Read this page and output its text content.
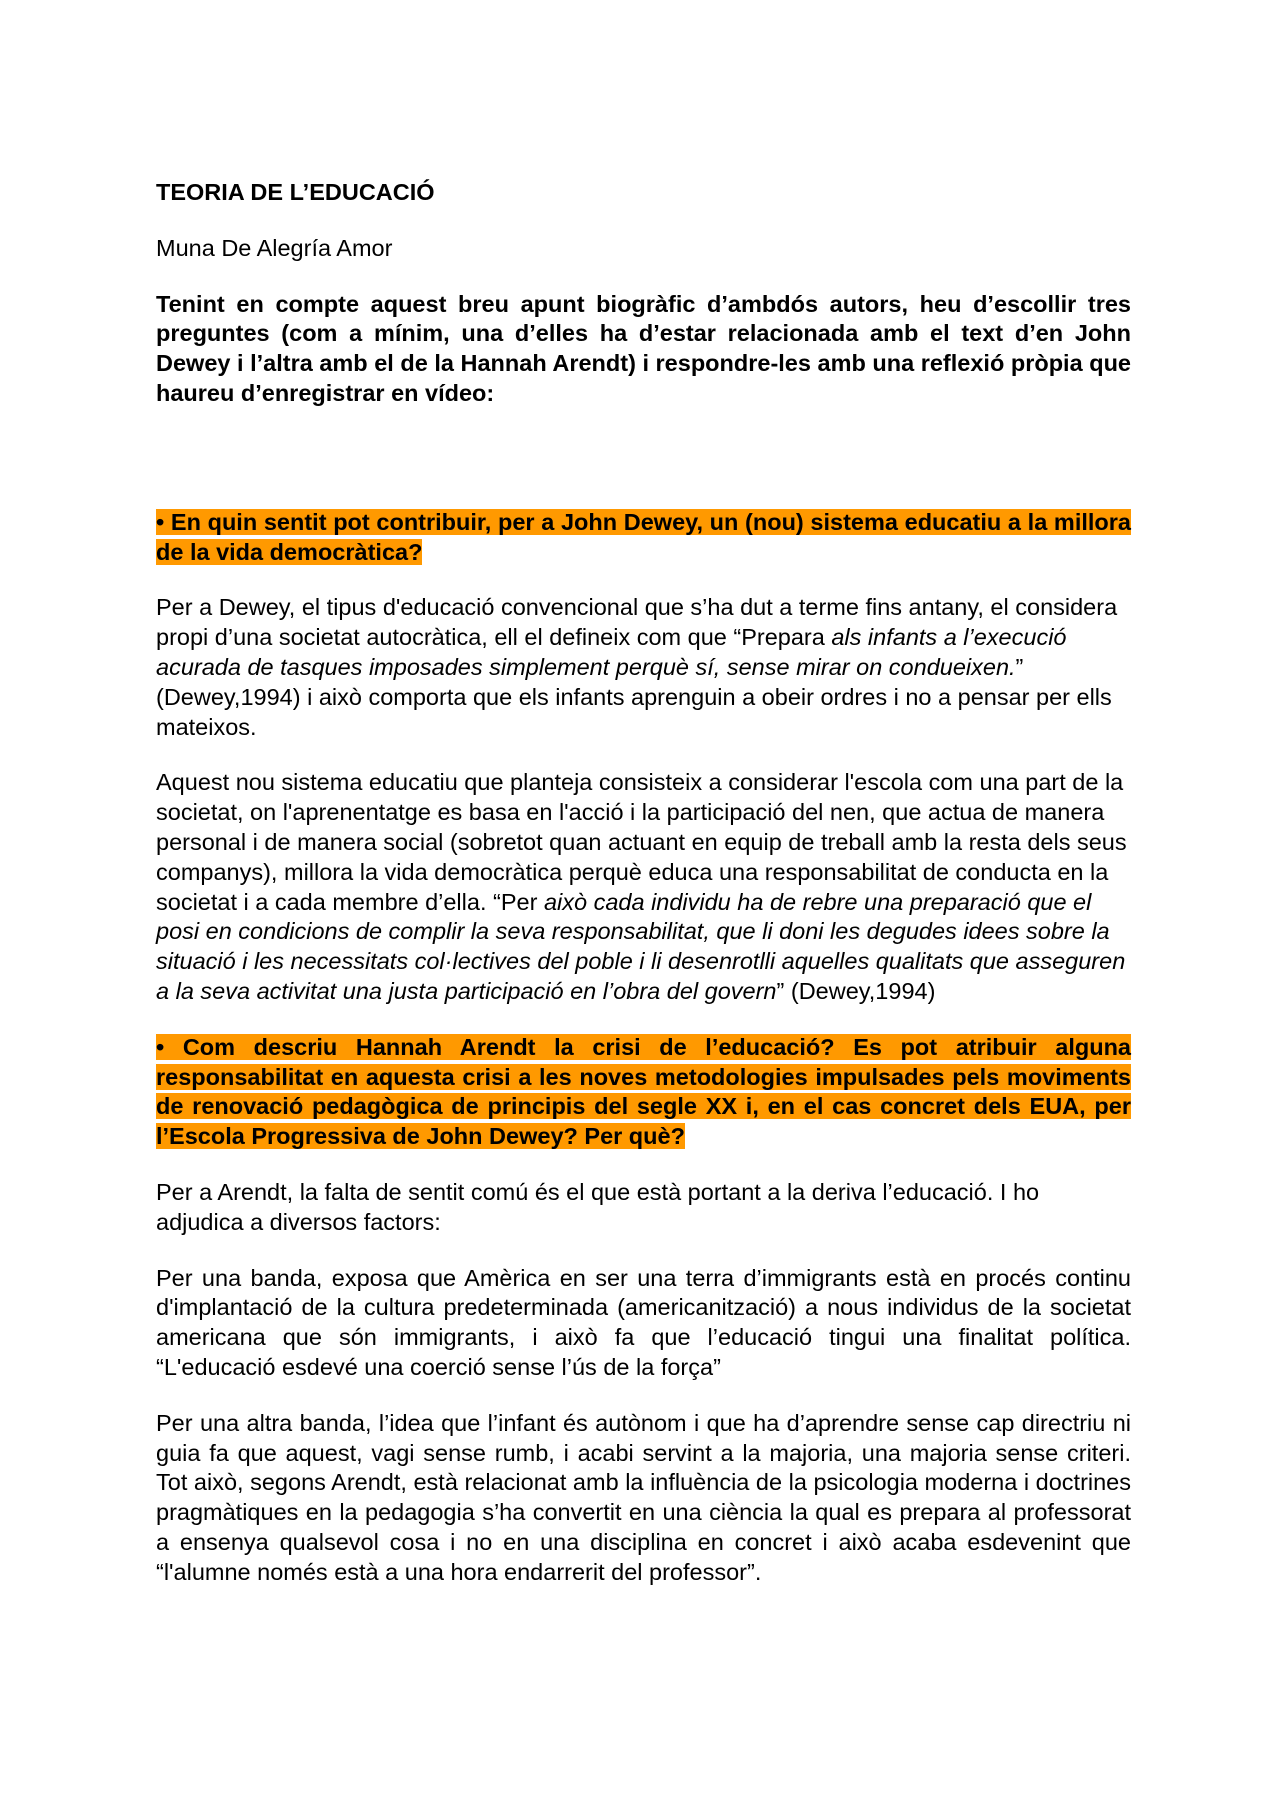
TEORIA DE L’EDUCACIÓ
Muna De Alegría Amor
Tenint en compte aquest breu apunt biogràfic d’ambdós autors, heu d’escollir tres preguntes (com a mínim, una d’elles ha d’estar relacionada amb el text d’en John Dewey i l’altra amb el de la Hannah Arendt) i respondre-les amb una reflexió pròpia que haureu d’enregistrar en vídeo:
• En quin sentit pot contribuir, per a John Dewey, un (nou) sistema educatiu a la millora de la vida democràtica?
Per a Dewey, el tipus d'educació convencional que s’ha dut a terme fins antany, el considera propi d’una societat autocràtica, ell el defineix com que “Prepara als infants a l’execució acurada de tasques imposades simplement perquè sí, sense mirar on condueixen.” (Dewey,1994) i això comporta que els infants aprenguin a obeir ordres i no a pensar per ells mateixos.
Aquest nou sistema educatiu que planteja consisteix a considerar l'escola com una part de la societat, on l'aprenentatge es basa en l'acció i la participació del nen, que actua de manera personal i de manera social (sobretot quan actuant en equip de treball amb la resta dels seus companys), millora la vida democràtica perquè educa una responsabilitat de conducta en la societat i a cada membre d’ella. “Per això cada individu ha de rebre una preparació que el posi en condicions de complir la seva responsabilitat, que li doni les degudes idees sobre la situació i les necessitats col·lectives del poble i li desenrotlli aquelles qualitats que asseguren a la seva activitat una justa participació en l’obra del govern” (Dewey,1994)
• Com descriu Hannah Arendt la crisi de l’educació? Es pot atribuir alguna responsabilitat en aquesta crisi a les noves metodologies impulsades pels moviments de renovació pedagògica de principis del segle XX i, en el cas concret dels EUA, per l’Escola Progressiva de John Dewey? Per què?
Per a Arendt, la falta de sentit comú és el que està portant a la deriva l’educació. I ho adjudica a diversos factors:
Per una banda, exposa que Amèrica en ser una terra d’immigrants està en procés continu d'implantació de la cultura predeterminada (americanització) a nous individus de la societat americana que són immigrants, i això fa que l’educació tingui una finalitat política. “L'educació esdevé una coerció sense l’ús de la força”
Per una altra banda, l’idea que l’infant és autònom i que ha d’aprendre sense cap directriu ni guia fa que aquest, vagi sense rumb, i acabi servint a la majoria, una majoria sense criteri. Tot això, segons Arendt, està relacionat amb la influència de la psicologia moderna i doctrines pragmàtiques en la pedagogia s’ha convertit en una ciència la qual es prepara al professorat a ensenya qualsevol cosa i no en una disciplina en concret i això acaba esdevenint que “l'alumne només està a una hora endarrerit del professor”.
